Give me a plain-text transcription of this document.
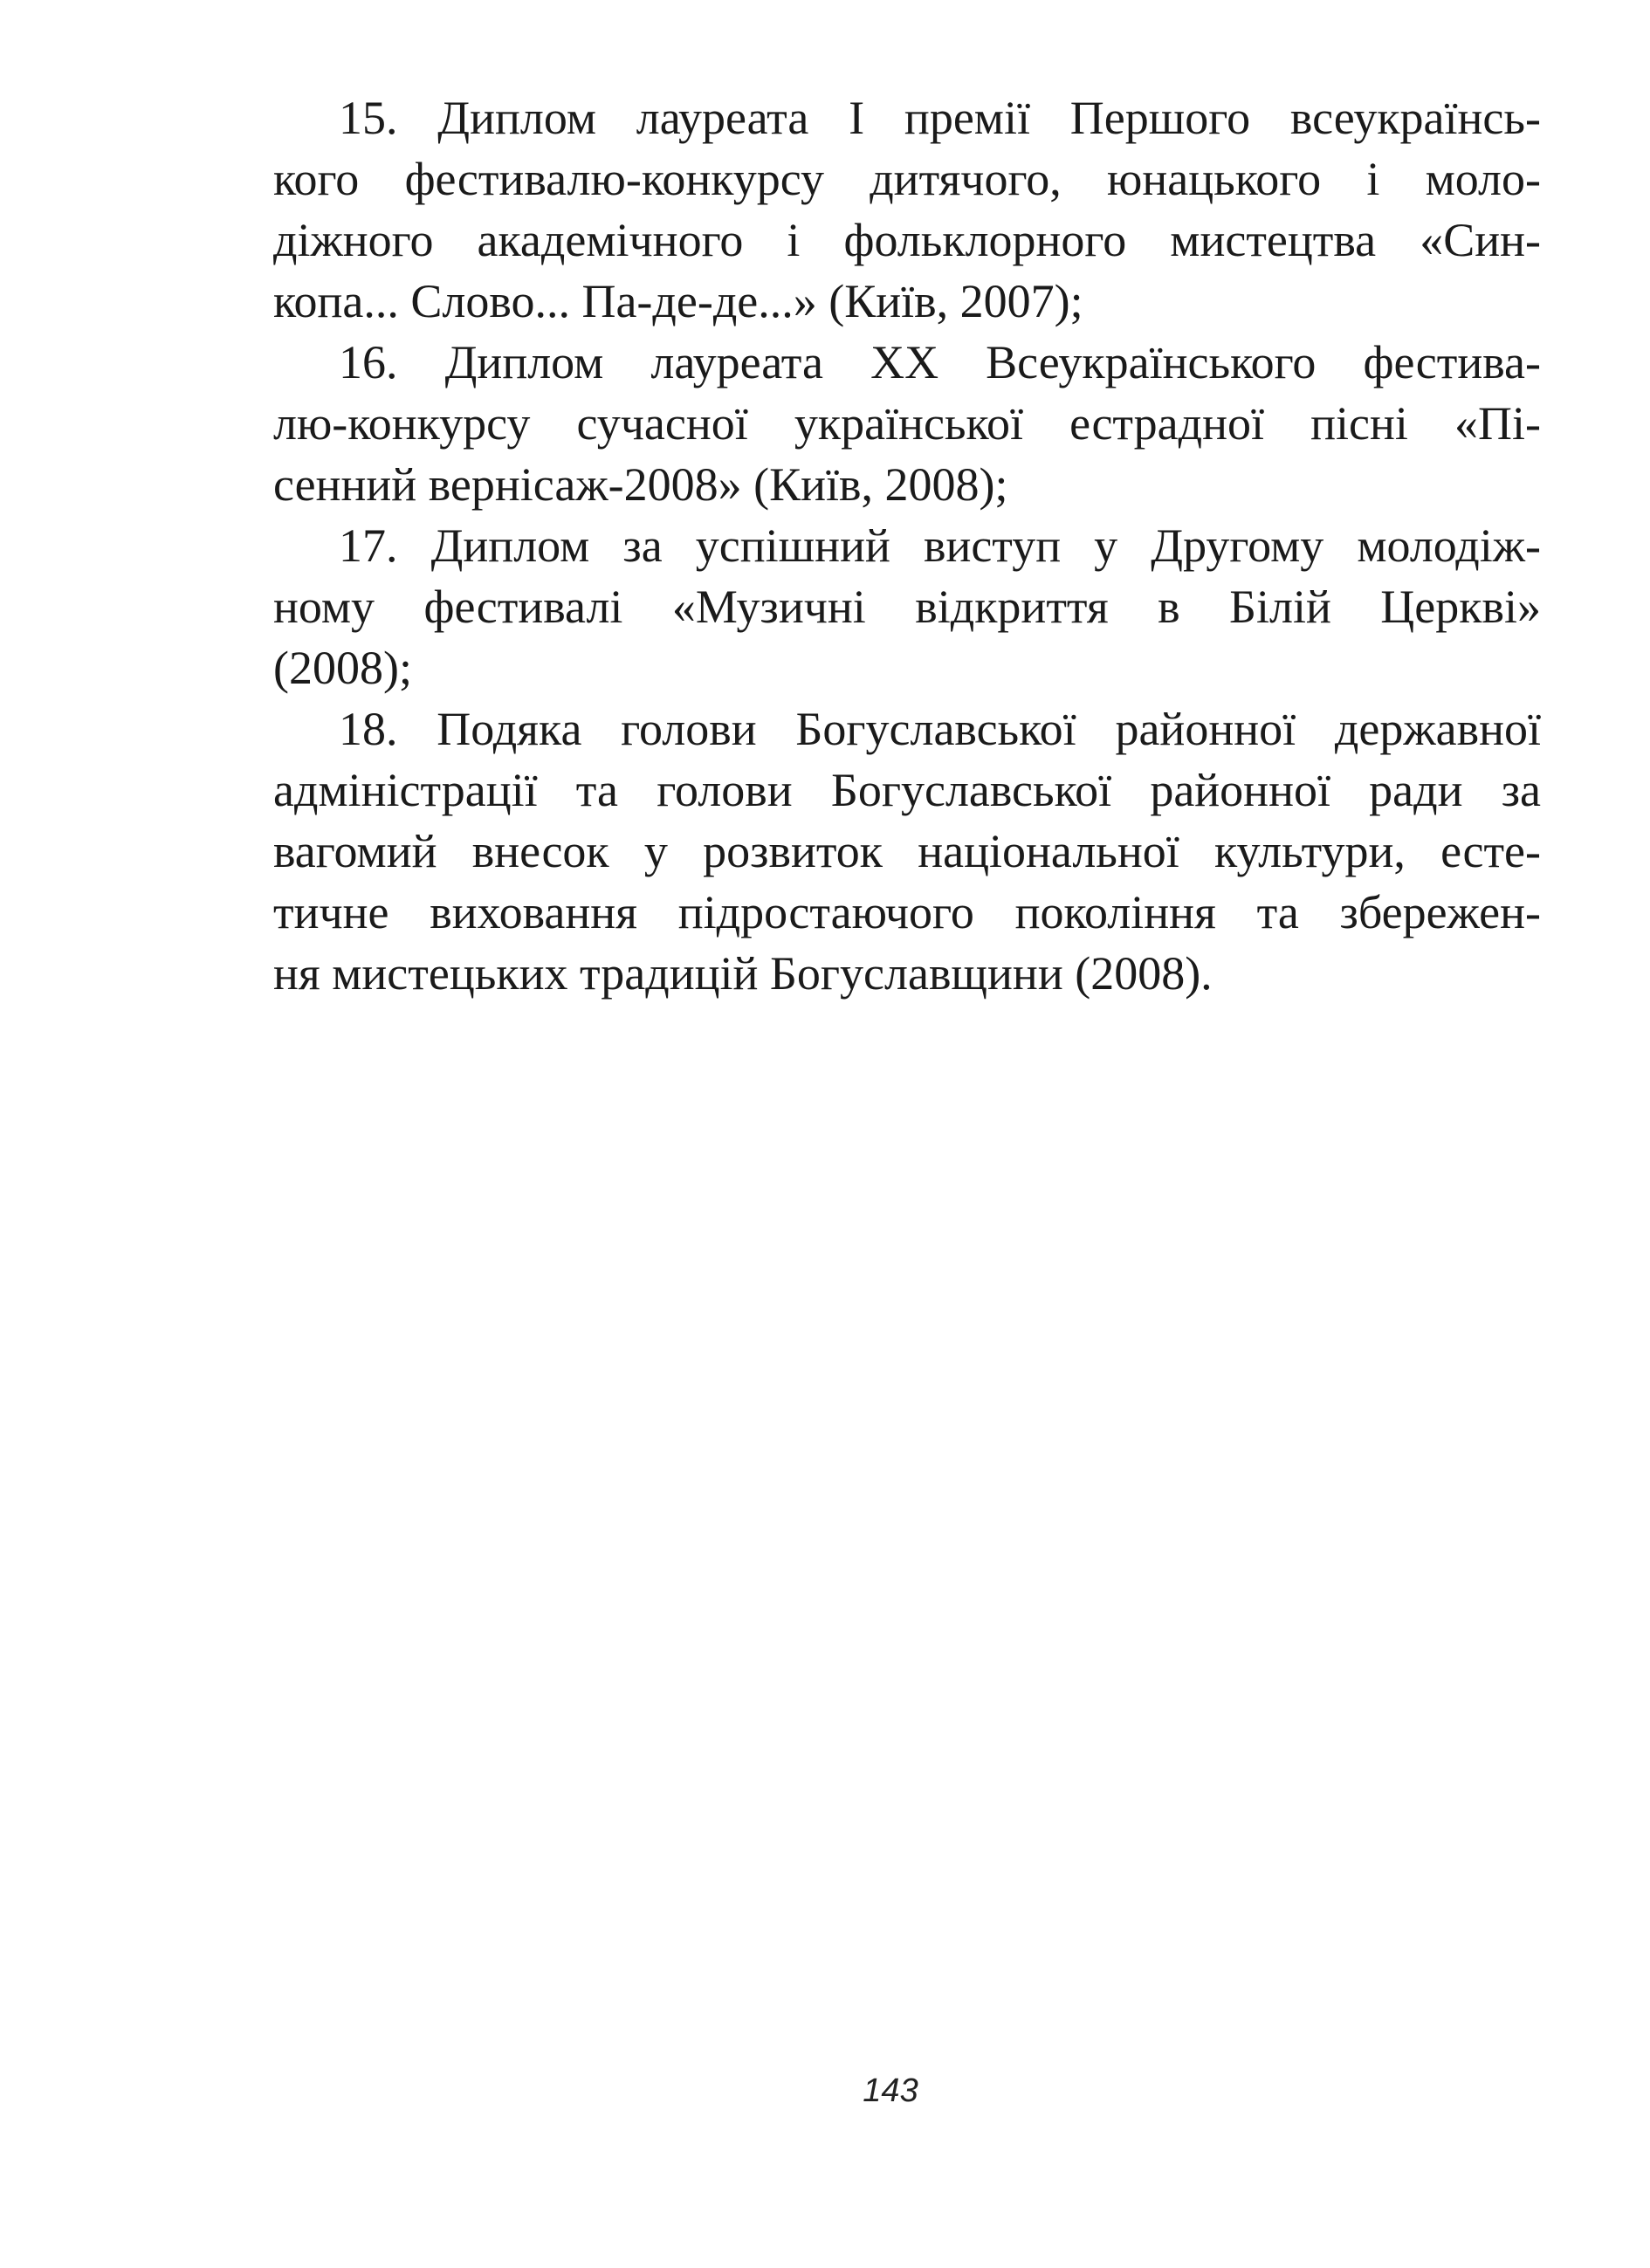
15. Диплом лауреата І премії Першого всеукраїнсь-
кого фестивалю-конкурсу дитячого, юнацького і моло-
діжного академічного і фольклорного мистецтва «Син-
копа... Слово... Па-де-де...» (Київ, 2007);
16. Диплом лауреата XX Всеукраїнського фестива-
лю-конкурсу сучасної української естрадної пісні «Пі-
сенний вернісаж-2008» (Київ, 2008);
17. Диплом за успішний виступ у Другому молодіж-
ному фестивалі «Музичні відкриття в Білій Церкві»
(2008);
18. Подяка голови Богуславської районної державної
адміністрації та голови Богуславської районної ради за
вагомий внесок у розвиток національної культури, есте-
тичне виховання підростаючого покоління та збережен-
ня мистецьких традицій Богуславщини (2008).
143
